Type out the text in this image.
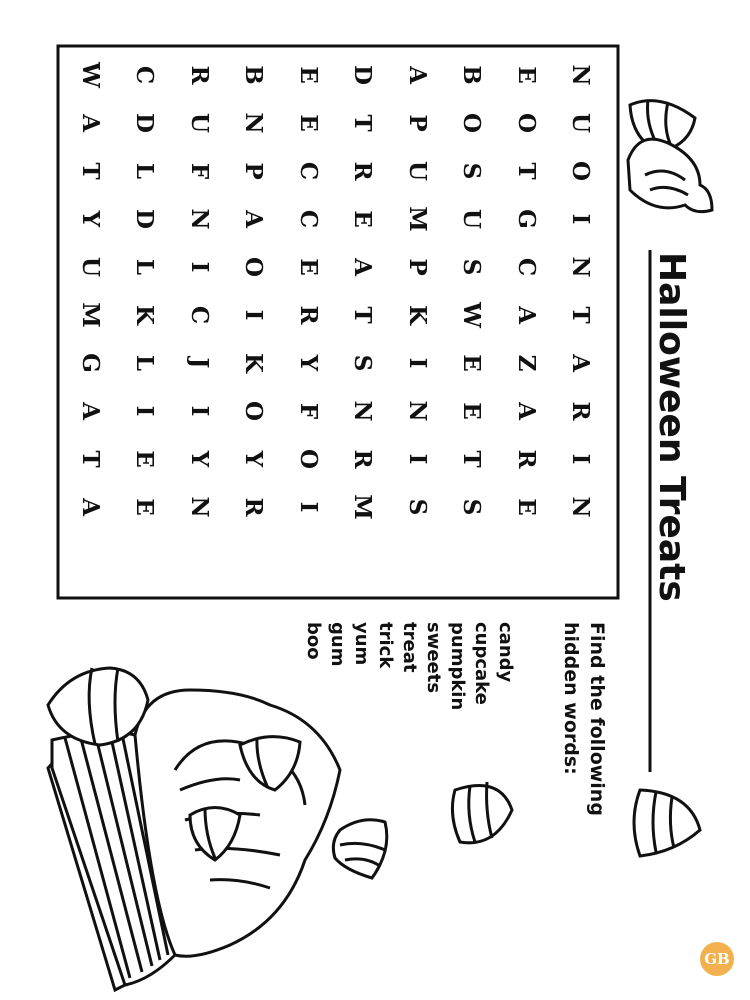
N
U
O
I
N
T
A
R
I
N
E
O
T
G
C
A
Z
A
R
E
B
O
S
U
S
W
E
E
T
S
A
P
U
M
P
K
I
N
I
S
D
T
R
E
A
T
S
N
R
M
E
E
C
C
E
R
Y
F
O
I
B
N
P
A
O
I
K
O
Y
R
R
U
F
N
I
C
J
I
Y
N
C
D
L
D
L
K
L
I
E
E
W
A
T
Y
U
M
G
A
T
A	Halloween Treats
Find the following
hidden words:
candy
cupcake
pumpkin
sweets
treat
trick
yum
gum
boo
GB
